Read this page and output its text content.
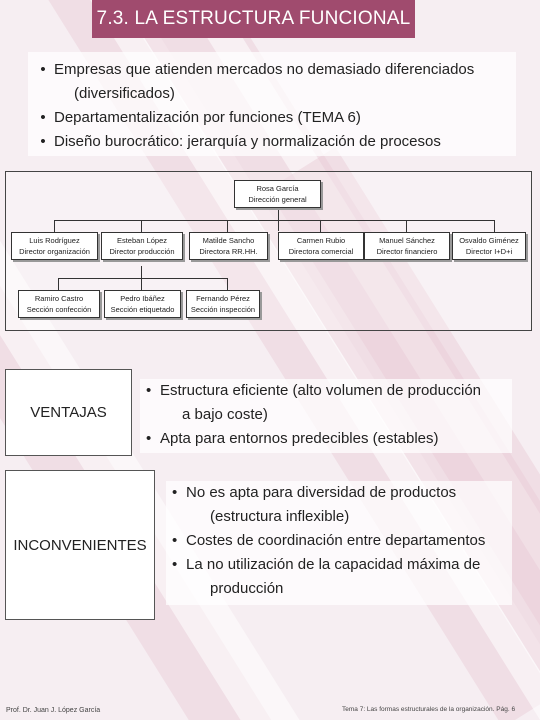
7.3. LA ESTRUCTURA FUNCIONAL
• Empresas que atienden mercados no demasiado diferenciados
(diversificados)
• Departamentalización por funciones (TEMA 6)
• Diseño burocrático: jerarquía y normalización de procesos
Rosa García
Dirección general
Luis Rodríguez
Director organización
Esteban López
Director producción
Matilde Sancho
Directora RR.HH.
Carmen Rubio
Directora comercial
Manuel Sánchez
Director financiero
Osvaldo Giménez
Director I+D+i
Ramiro Castro
Sección confección
Pedro Ibáñez
Sección etiquetado
Fernando Pérez
Sección inspección
VENTAJAS
• Estructura eficiente (alto volumen de producción
a bajo coste)
• Apta para entornos predecibles (estables)
INCONVENIENTES
• No es apta para diversidad de productos
(estructura inflexible)
• Costes de coordinación entre departamentos
• La no utilización de la capacidad máxima de
producción
Prof. Dr. Juan J. López García	Tema 7: Las formas estructurales de la organización. Pág. 6
